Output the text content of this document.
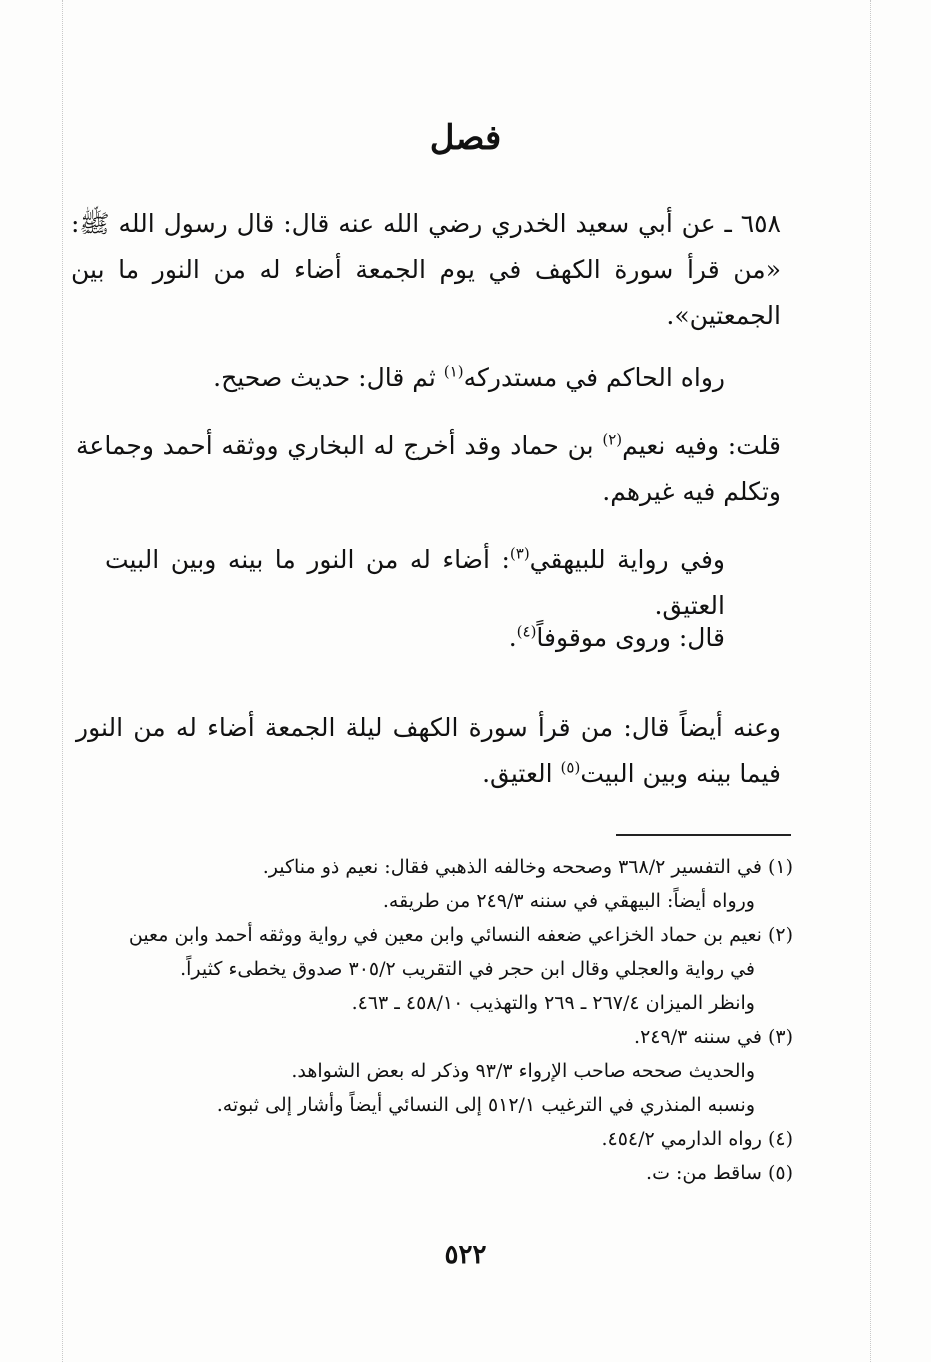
فصل

٦٥٨ ـ عن أبي سعيد الخدري رضي الله عنه قال: قال رسول الله ﷺ: «من قرأ سورة الكهف في يوم الجمعة أضاء له من النور ما بين الجمعتين».

رواه الحاكم في مستدركه$^{(١)}$ ثم قال: حديث صحيح.

قلت: وفيه نعيم$^{(٢)}$ بن حماد وقد أخرج له البخاري ووثقه أحمد وجماعة وتكلم فيه غيرهم.

وفي رواية للبيهقي$^{(٣)}$: أضاء له من النور ما بينه وبين البيت العتيق.

قال: وروى موقوفاً$^{(٤)}$.

وعنه أيضاً قال: من قرأ سورة الكهف ليلة الجمعة أضاء له من النور فيما بينه وبين البيت$^{(٥)}$ العتيق.

(١) في التفسير ٣٦٨/٢ وصححه وخالفه الذهبي فقال: نعيم ذو مناكير.

ورواه أيضاً: البيهقي في سننه ٢٤٩/٣ من طريقه.

(٢) نعيم بن حماد الخزاعي ضعفه النسائي وابن معين في رواية ووثقه أحمد وابن معين

في رواية والعجلي وقال ابن حجر في التقريب ٣٠٥/٢ صدوق يخطىء كثيراً.

وانظر الميزان ٢٦٧/٤ ـ ٢٦٩ والتهذيب ٤٥٨/١٠ ـ ٤٦٣.

(٣) في سننه ٢٤٩/٣.

والحديث صححه صاحب الإرواء ٩٣/٣ وذكر له بعض الشواهد.

ونسبه المنذري في الترغيب ٥١٢/١ إلى النسائي أيضاً وأشار إلى ثبوته.

(٤) رواه الدارمي ٤٥٤/٢.

(٥) ساقط من: ت.

٥٢٢
